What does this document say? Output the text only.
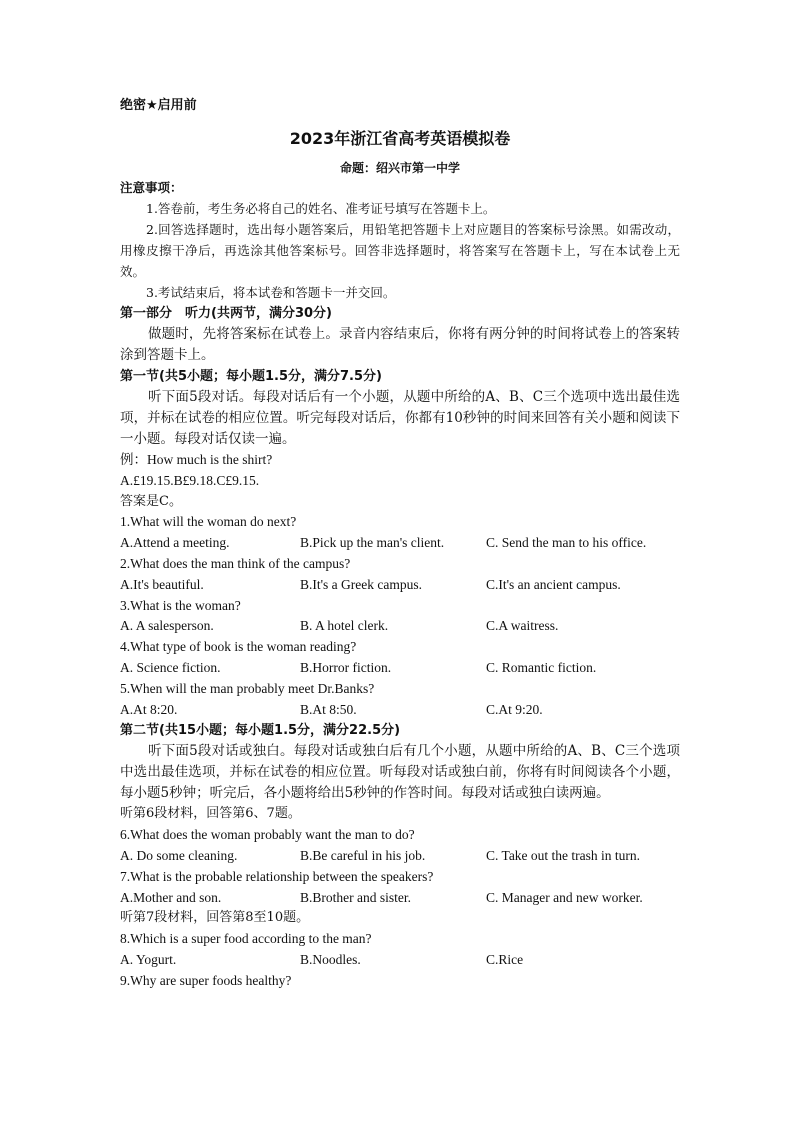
绝密★启用前
2023年浙江省高考英语模拟卷
命题：绍兴市第一中学
注意事项：
1.答卷前，考生务必将自己的姓名、准考证号填写在答题卡上。
2.回答选择题时，选出每小题答案后，用铅笔把答题卡上对应题目的答案标号涂黑。如需改动，用橡皮擦干净后，再选涂其他答案标号。回答非选择题时，将答案写在答题卡上，写在本试卷上无效。
3.考试结束后，将本试卷和答题卡一并交回。
第一部分　听力(共两节，满分30分)
做题时，先将答案标在试卷上。录音内容结束后，你将有两分钟的时间将试卷上的答案转涂到答题卡上。
第一节(共5小题；每小题1.5分，满分7.5分)
听下面5段对话。每段对话后有一个小题，从题中所给的A、B、C三个选项中选出最佳选项，并标在试卷的相应位置。听完每段对话后，你都有10秒钟的时间来回答有关小题和阅读下一小题。每段对话仅读一遍。
例：How much is the shirt?
A.£19.15.B£9.18.C£9.15.
答案是C。
1.What will the woman do next?
A.Attend a meeting.	B.Pick up the man's client.	C. Send the man to his office.
2.What does the man think of the campus?
A.It's beautiful.	B.It's a Greek campus.	C.It's an ancient campus.
3.What is the woman?
A. A salesperson.	B. A hotel clerk.	C.A waitress.
4.What type of book is the woman reading?
A. Science fiction.	B.Horror fiction.	C. Romantic fiction.
5.When will the man probably meet Dr.Banks?
A.At 8:20.	B.At 8:50.	C.At 9:20.
第二节(共15小题；每小题1.5分，满分22.5分)
听下面5段对话或独白。每段对话或独白后有几个小题，从题中所给的A、B、C三个选项中选出最佳选项，并标在试卷的相应位置。听每段对话或独白前，你将有时间阅读各个小题，每小题5秒钟；听完后，各小题将给出5秒钟的作答时间。每段对话或独白读两遍。
听第6段材料，回答第6、7题。
6.What does the woman probably want the man to do?
A. Do some cleaning.	B.Be careful in his job.	C. Take out the trash in turn.
7.What is the probable relationship between the speakers?
A.Mother and son.	B.Brother and sister.	C. Manager and new worker.
听第7段材料，回答第8至10题。
8.Which is a super food according to the man?
A. Yogurt.	B.Noodles.	C.Rice
9.Why are super foods healthy?
